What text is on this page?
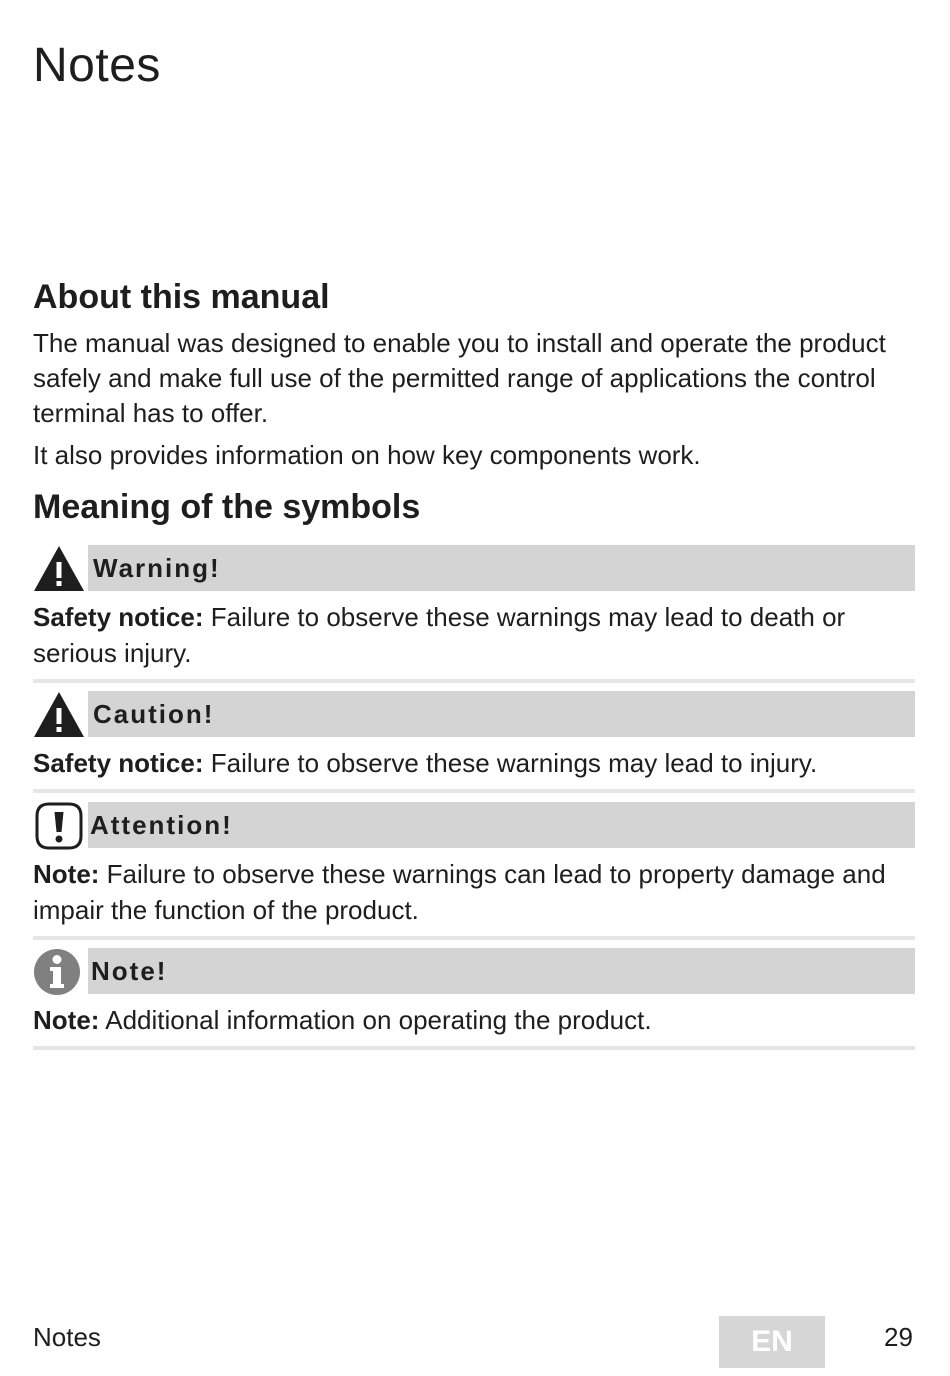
Notes
About this manual

The manual was designed to enable you to install and operate the product safely and make full use of the permitted range of applications the control terminal has to offer.

It also provides information on how key components work.

Meaning of the symbols
Warning!

Safety notice: Failure to observe these warnings may lead to death or serious injury.

Caution!

Safety notice: Failure to observe these warnings may lead to injury.

Attention!

Note: Failure to observe these warnings can lead to property damage and impair the function of the product.

Note!

Note: Additional information on operating the product.

Notes	EN	29
